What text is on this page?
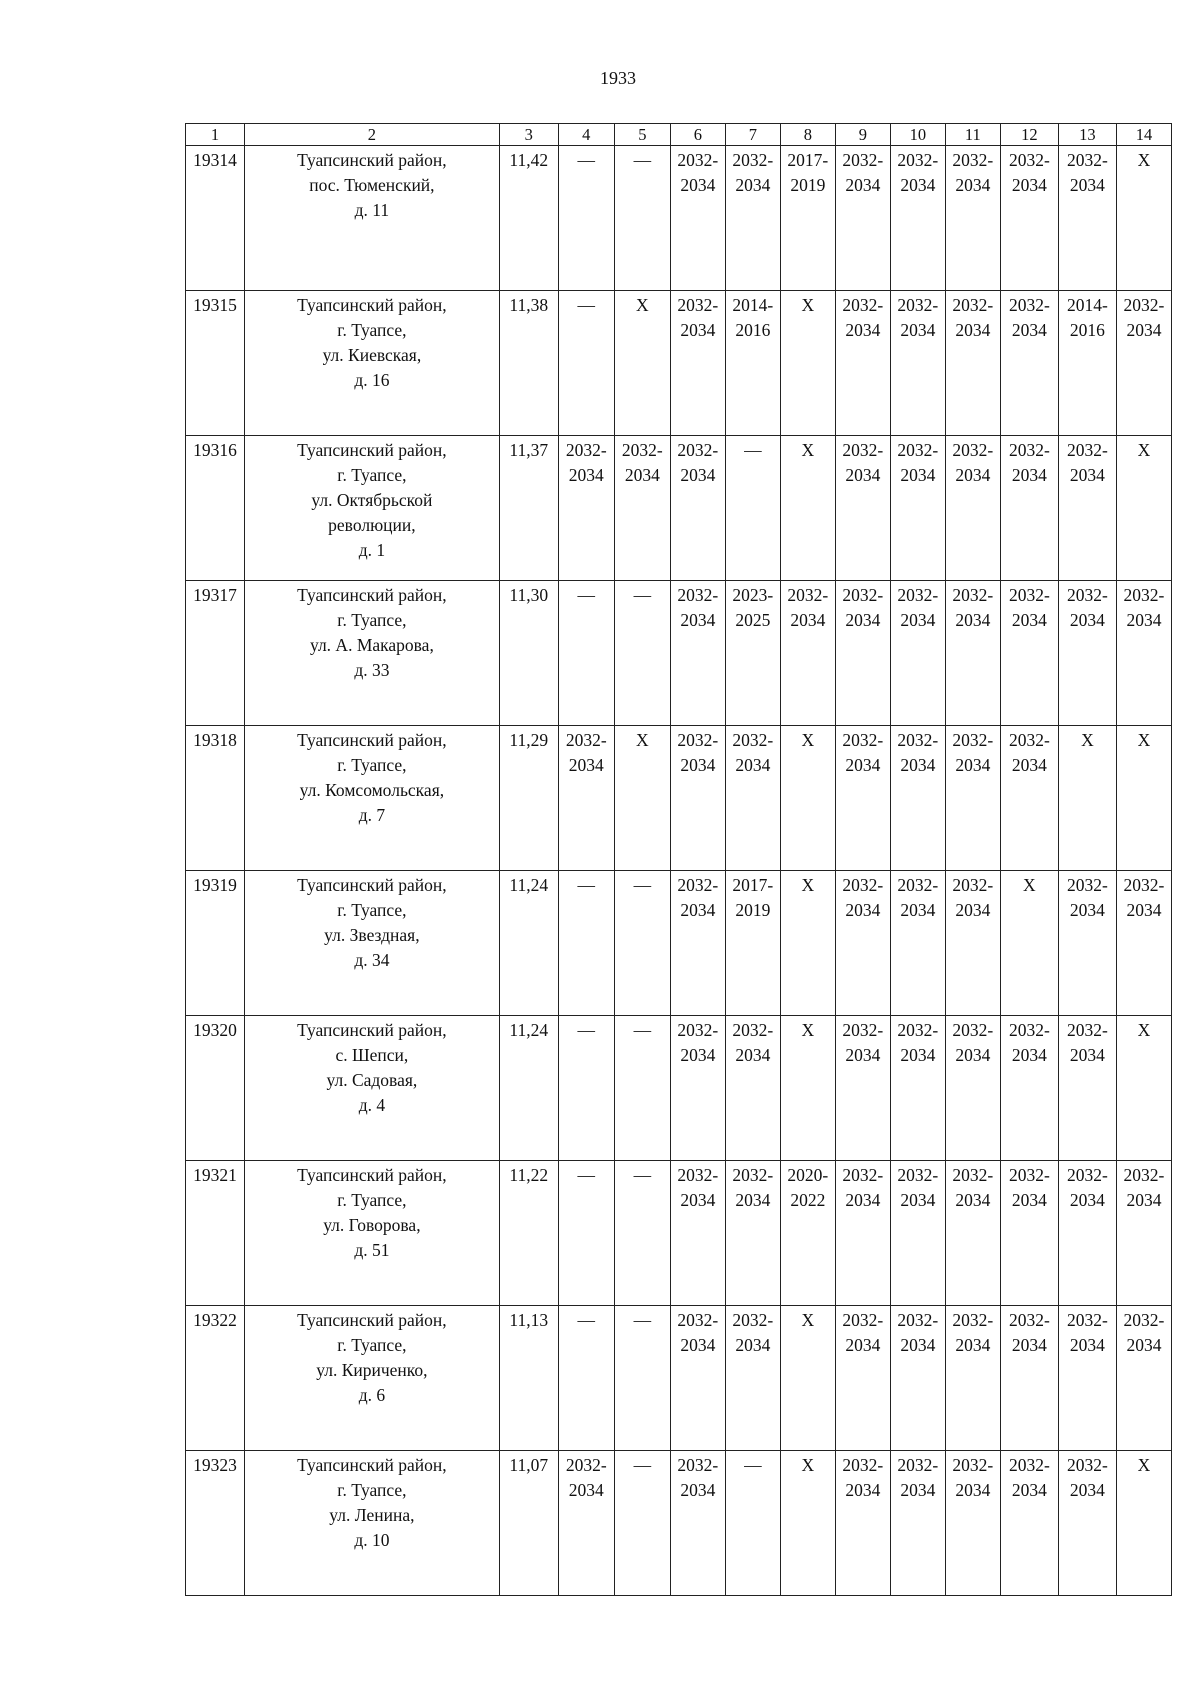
1933
1	2	3	4	5	6	7	8	9	10	11	12	13	14
19314	Туапсинский район,
пос. Тюменский,
д. 11	11,42	—	—	2032-
2034	2032-
2034	2017-
2019	2032-
2034	2032-
2034	2032-
2034	2032-
2034	2032-
2034	X

19315	Туапсинский район,
г. Туапсе,
ул. Киевская,
д. 16	11,38	—	X	2032-
2034	2014-
2016	X	2032-
2034	2032-
2034	2032-
2034	2032-
2034	2014-
2016	2032-
2034

19316	Туапсинский район,
г. Туапсе,
ул. Октябрьской
революции,
д. 1	11,37	2032-
2034	2032-
2034	2032-
2034	—	X	2032-
2034	2032-
2034	2032-
2034	2032-
2034	2032-
2034	X

19317	Туапсинский район,
г. Туапсе,
ул. А. Макарова,
д. 33	11,30	—	—	2032-
2034	2023-
2025	2032-
2034	2032-
2034	2032-
2034	2032-
2034	2032-
2034	2032-
2034	2032-
2034

19318	Туапсинский район,
г. Туапсе,
ул. Комсомольская,
д. 7	11,29	2032-
2034	X	2032-
2034	2032-
2034	X	2032-
2034	2032-
2034	2032-
2034	2032-
2034	X	X

19319	Туапсинский район,
г. Туапсе,
ул. Звездная,
д. 34	11,24	—	—	2032-
2034	2017-
2019	X	2032-
2034	2032-
2034	2032-
2034	X	2032-
2034	2032-
2034

19320	Туапсинский район,
с. Шепси,
ул. Садовая,
д. 4	11,24	—	—	2032-
2034	2032-
2034	X	2032-
2034	2032-
2034	2032-
2034	2032-
2034	2032-
2034	X

19321	Туапсинский район,
г. Туапсе,
ул. Говорова,
д. 51	11,22	—	—	2032-
2034	2032-
2034	2020-
2022	2032-
2034	2032-
2034	2032-
2034	2032-
2034	2032-
2034	2032-
2034

19322	Туапсинский район,
г. Туапсе,
ул. Кириченко,
д. 6	11,13	—	—	2032-
2034	2032-
2034	X	2032-
2034	2032-
2034	2032-
2034	2032-
2034	2032-
2034	2032-
2034

19323	Туапсинский район,
г. Туапсе,
ул. Ленина,
д. 10	11,07	2032-
2034	—	2032-
2034	—	X	2032-
2034	2032-
2034	2032-
2034	2032-
2034	2032-
2034	X
